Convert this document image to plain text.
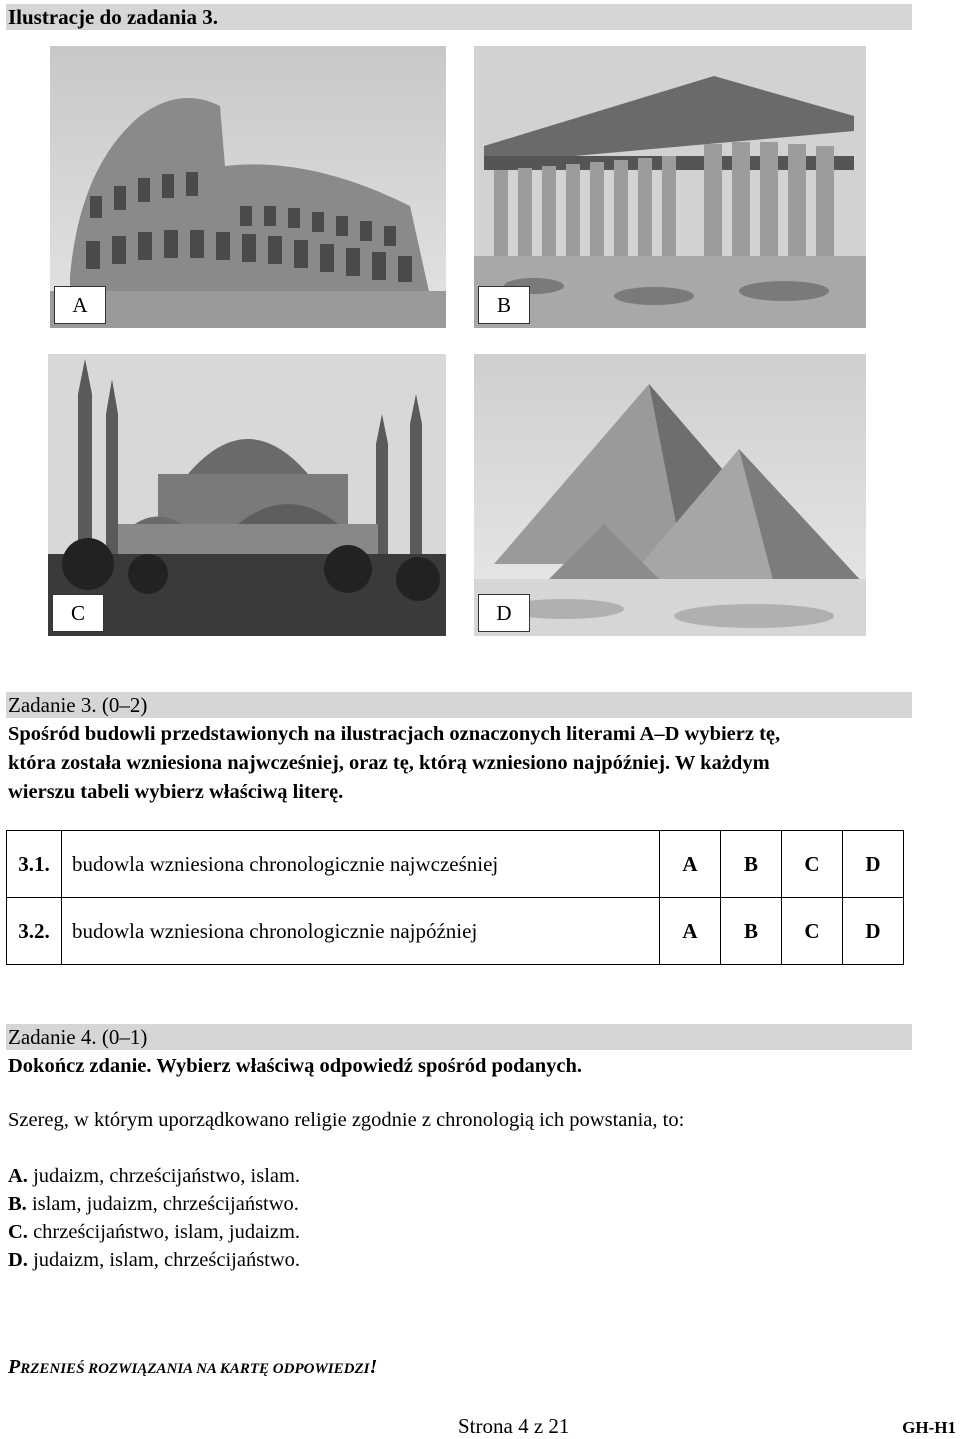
Ilustracje do zadania 3.
A	B
C	D
Zadanie 3. (0–2)
Spośród budowli przedstawionych na ilustracjach oznaczonych literami A–D wybierz tę,
która została wzniesiona najwcześniej, oraz tę, którą wzniesiono najpóźniej. W każdym
wierszu tabeli wybierz właściwą literę.
3.1.	budowla wzniesiona chronologicznie najwcześniej	A	B	C	D
3.2.	budowla wzniesiona chronologicznie najpóźniej	A	B	C	D
Zadanie 4. (0–1)
Dokończ zdanie. Wybierz właściwą odpowiedź spośród podanych.
Szereg, w którym uporządkowano religie zgodnie z chronologią ich powstania, to:
A. judaizm, chrześcijaństwo, islam.
B. islam, judaizm, chrześcijaństwo.
C. chrześcijaństwo, islam, judaizm.
D. judaizm, islam, chrześcijaństwo.
PRZENIEŚ ROZWIĄZANIA NA KARTĘ ODPOWIEDZI!
Strona 4 z 21	GH-H1
